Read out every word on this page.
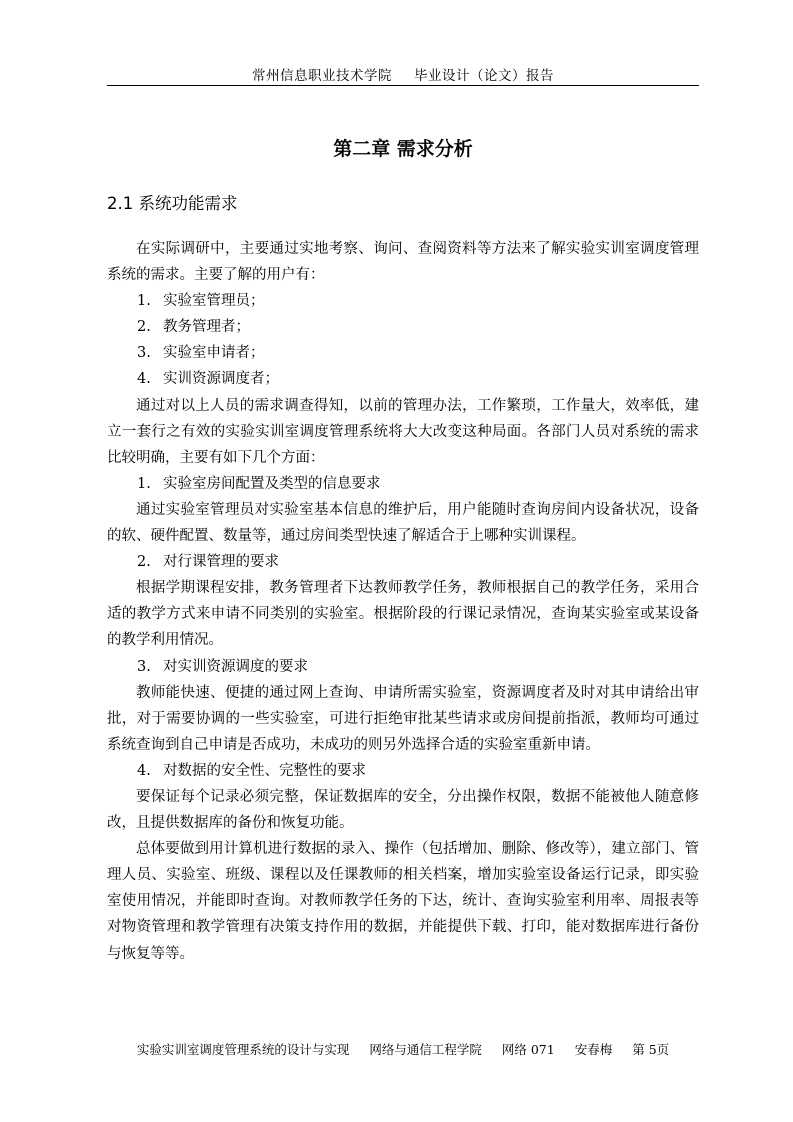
常州信息职业技术学院 毕业设计（论文）报告
第二章 需求分析
2.1 系统功能需求

在实际调研中，主要通过实地考察、询问、查阅资料等方法来了解实验实训室调度管理系统的需求。主要了解的用户有：

1. 实验室管理员；

2. 教务管理者；

3. 实验室申请者；

4. 实训资源调度者；

通过对以上人员的需求调查得知，以前的管理办法，工作繁琐，工作量大，效率低，建立一套行之有效的实验实训室调度管理系统将大大改变这种局面。各部门人员对系统的需求比较明确，主要有如下几个方面：

1. 实验室房间配置及类型的信息要求

通过实验室管理员对实验室基本信息的维护后，用户能随时查询房间内设备状况，设备的软、硬件配置、数量等，通过房间类型快速了解适合于上哪种实训课程。

2. 对行课管理的要求

根据学期课程安排，教务管理者下达教师教学任务，教师根据自己的教学任务，采用合适的教学方式来申请不同类别的实验室。根据阶段的行课记录情况，查询某实验室或某设备的教学利用情况。

3. 对实训资源调度的要求

教师能快速、便捷的通过网上查询、申请所需实验室，资源调度者及时对其申请给出审批，对于需要协调的一些实验室，可进行拒绝审批某些请求或房间提前指派，教师均可通过系统查询到自己申请是否成功，未成功的则另外选择合适的实验室重新申请。

4. 对数据的安全性、完整性的要求

要保证每个记录必须完整，保证数据库的安全，分出操作权限，数据不能被他人随意修改，且提供数据库的备份和恢复功能。

总体要做到用计算机进行数据的录入、操作（包括增加、删除、修改等），建立部门、管理人员、实验室、班级、课程以及任课教师的相关档案，增加实验室设备运行记录，即实验室使用情况，并能即时查询。对教师教学任务的下达，统计、查询实验室利用率、周报表等对物资管理和教学管理有决策支持作用的数据，并能提供下载、打印，能对数据库进行备份与恢复等等。

实验实训室调度管理系统的设计与实现 网络与通信工程学院 网络 071 安春梅 第 5页
